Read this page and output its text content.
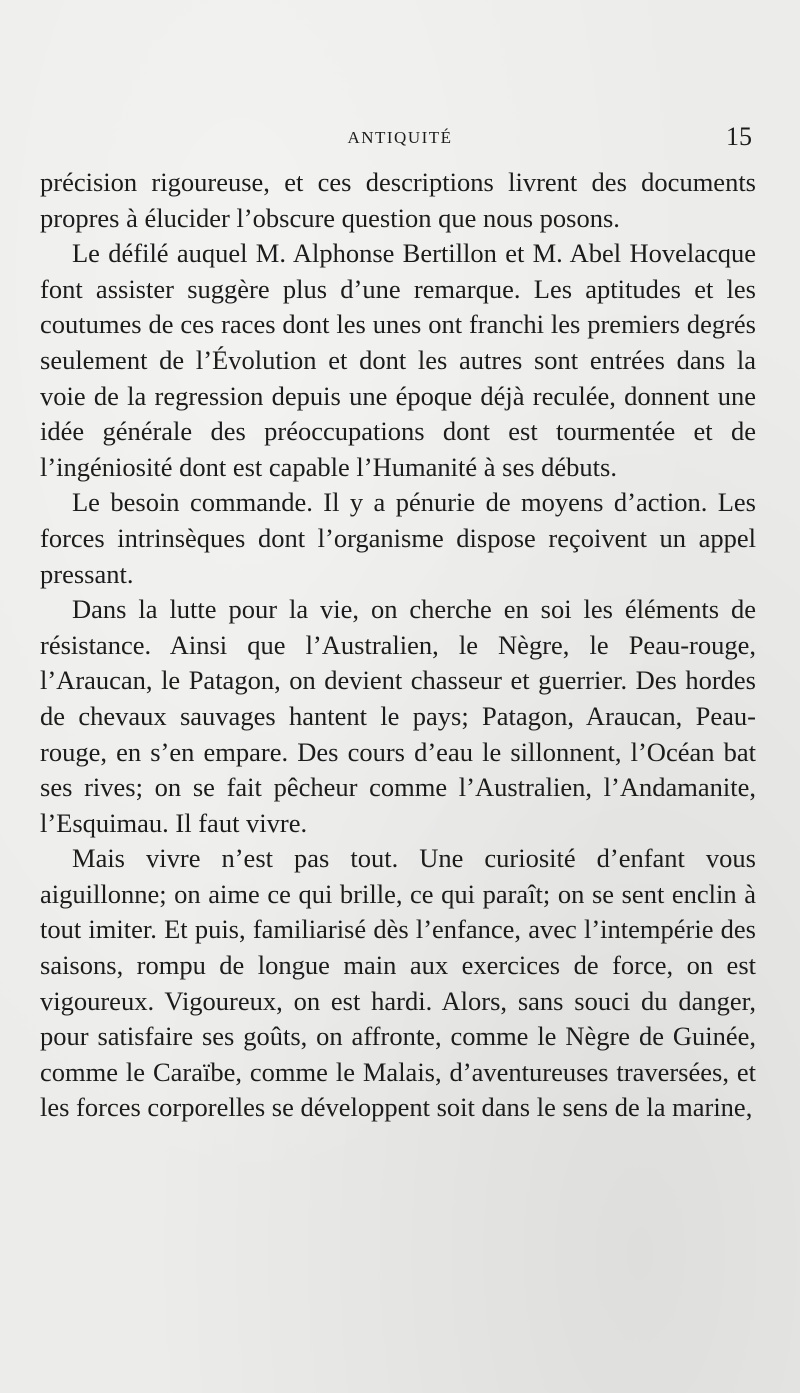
ANTIQUITÉ	15

précision rigoureuse, et ces descriptions livrent des documents propres à élucider l’obscure question que nous posons.

Le défilé auquel M. Alphonse Bertillon et M. Abel Hovelacque font assister suggère plus d’une remarque. Les aptitudes et les coutumes de ces races dont les unes ont franchi les premiers degrés seulement de l’Évolution et dont les autres sont entrées dans la voie de la regression depuis une époque déjà reculée, donnent une idée générale des préoccupations dont est tourmentée et de l’ingéniosité dont est capable l’Humanité à ses débuts.

Le besoin commande. Il y a pénurie de moyens d’action. Les forces intrinsèques dont l’organisme dispose reçoivent un appel pressant.

Dans la lutte pour la vie, on cherche en soi les éléments de résistance. Ainsi que l’Australien, le Nègre, le Peau-rouge, l’Araucan, le Patagon, on devient chasseur et guerrier. Des hordes de chevaux sauvages hantent le pays; Patagon, Araucan, Peau-rouge, en s’en empare. Des cours d’eau le sillonnent, l’Océan bat ses rives; on se fait pêcheur comme l’Australien, l’Andamanite, l’Esquimau. Il faut vivre.

Mais vivre n’est pas tout. Une curiosité d’enfant vous aiguillonne; on aime ce qui brille, ce qui paraît; on se sent enclin à tout imiter. Et puis, familiarisé dès l’enfance, avec l’intempérie des saisons, rompu de longue main aux exercices de force, on est vigoureux. Vigoureux, on est hardi. Alors, sans souci du danger, pour satisfaire ses goûts, on affronte, comme le Nègre de Guinée, comme le Caraïbe, comme le Malais, d’aventureuses traversées, et les forces corporelles se développent soit dans le sens de la marine,
